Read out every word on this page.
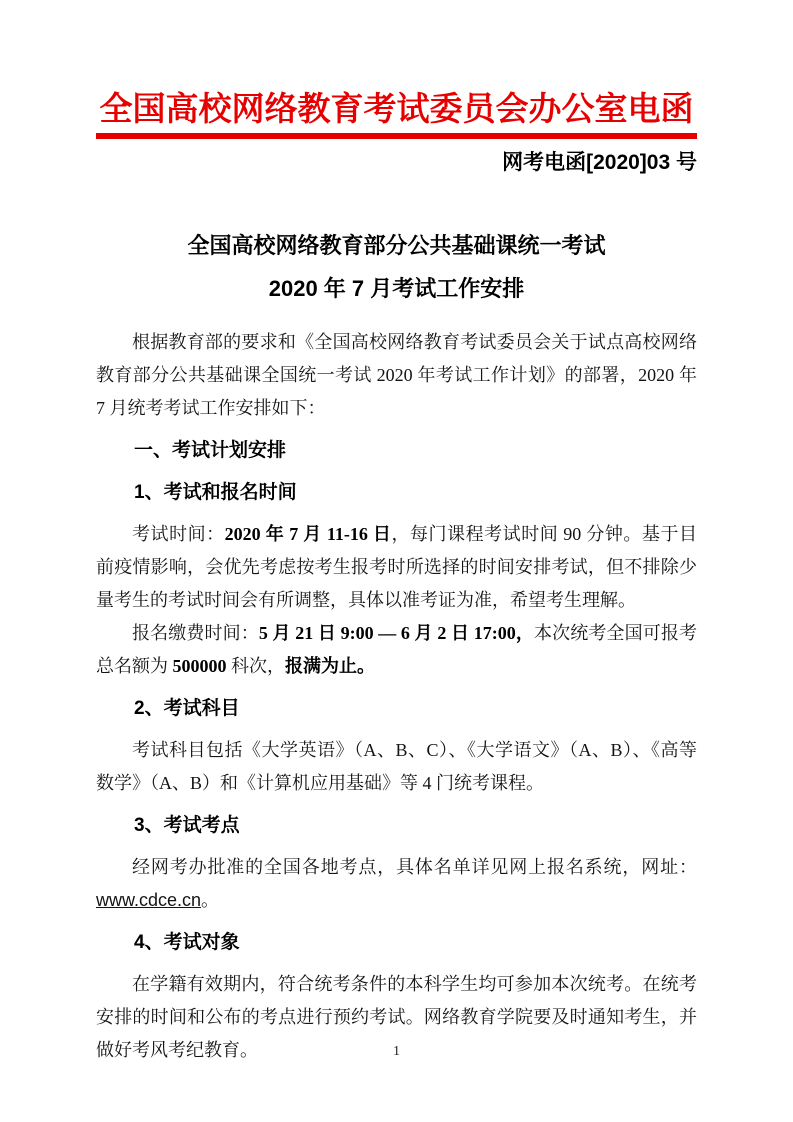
全国高校网络教育考试委员会办公室电函
网考电函[2020]03 号
全国高校网络教育部分公共基础课统一考试
2020 年 7 月考试工作安排

根据教育部的要求和《全国高校网络教育考试委员会关于试点高校网络教育部分公共基础课全国统一考试 2020 年考试工作计划》的部署，2020 年 7 月统考考试工作安排如下：

一、考试计划安排
1、考试和报名时间

考试时间：2020 年 7 月 11-16 日，每门课程考试时间 90 分钟。基于目前疫情影响，会优先考虑按考生报考时所选择的时间安排考试，但不排除少量考生的考试时间会有所调整，具体以准考证为准，希望考生理解。

报名缴费时间：5 月 21 日 9:00 — 6 月 2 日 17:00，本次统考全国可报考总名额为 500000 科次，报满为止。

2、考试科目

考试科目包括《大学英语》（A、B、C）、《大学语文》（A、B）、《高等数学》（A、B）和《计算机应用基础》等 4 门统考课程。

3、考试考点

经网考办批准的全国各地考点，具体名单详见网上报名系统，网址：www.cdce.cn。

4、考试对象

在学籍有效期内，符合统考条件的本科学生均可参加本次统考。在统考安排的时间和公布的考点进行预约考试。网络教育学院要及时通知考生，并做好考风考纪教育。	1
